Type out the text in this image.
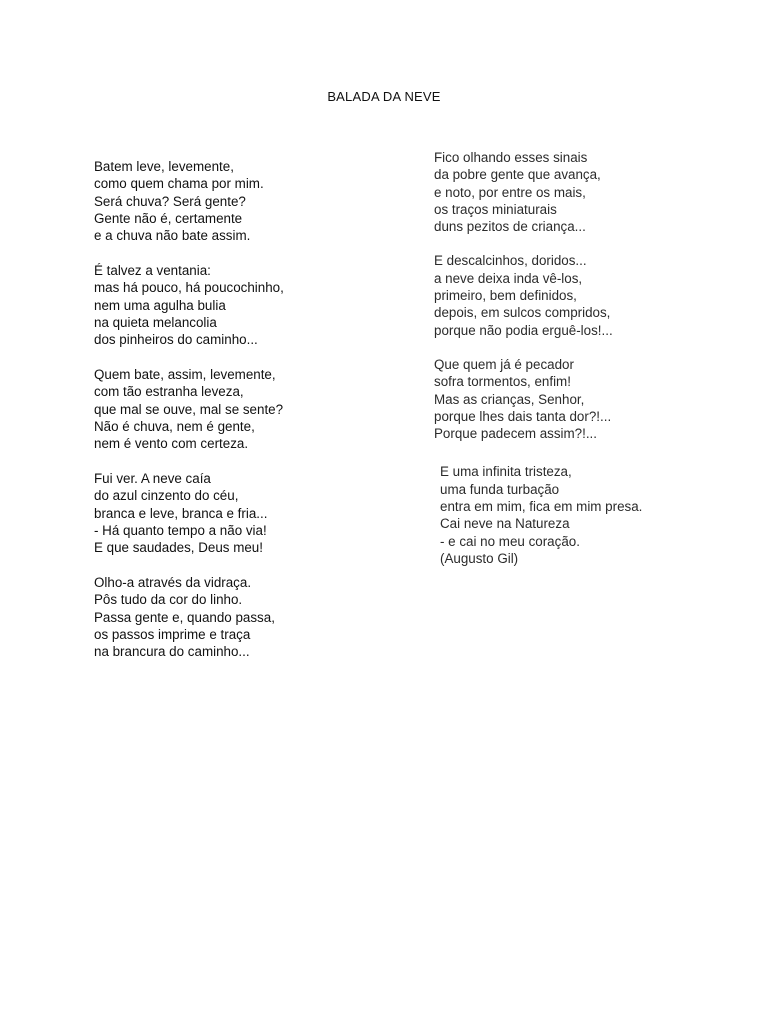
BALADA DA NEVE
Batem leve, levemente,
como quem chama por mim.
Será chuva? Será gente?
Gente não é, certamente
e a chuva não bate assim.
É talvez a ventania:
mas há pouco, há poucochinho,
nem uma agulha bulia
na quieta melancolia
dos pinheiros do caminho...
Quem bate, assim, levemente,
com tão estranha leveza,
que mal se ouve, mal se sente?
Não é chuva, nem é gente,
nem é vento com certeza.
Fui ver. A neve caía
do azul cinzento do céu,
branca e leve, branca e fria...
- Há quanto tempo a não via!
E que saudades, Deus meu!
Olho-a através da vidraça.
Pôs tudo da cor do linho.
Passa gente e, quando passa,
os passos imprime e traça
na brancura do caminho...
Fico olhando esses sinais
da pobre gente que avança,
e noto, por entre os mais,
os traços miniaturais
duns pezitos de criança...
E descalcinhos, doridos...
a neve deixa inda vê-los,
primeiro, bem definidos,
depois, em sulcos compridos,
porque não podia erguê-los!...
Que quem já é pecador
sofra tormentos, enfim!
Mas as crianças, Senhor,
porque lhes dais tanta dor?!...
Porque padecem assim?!...
E uma infinita tristeza,
uma funda turbação
entra em mim, fica em mim presa.
Cai neve na Natureza
- e cai no meu coração.
(Augusto Gil)
